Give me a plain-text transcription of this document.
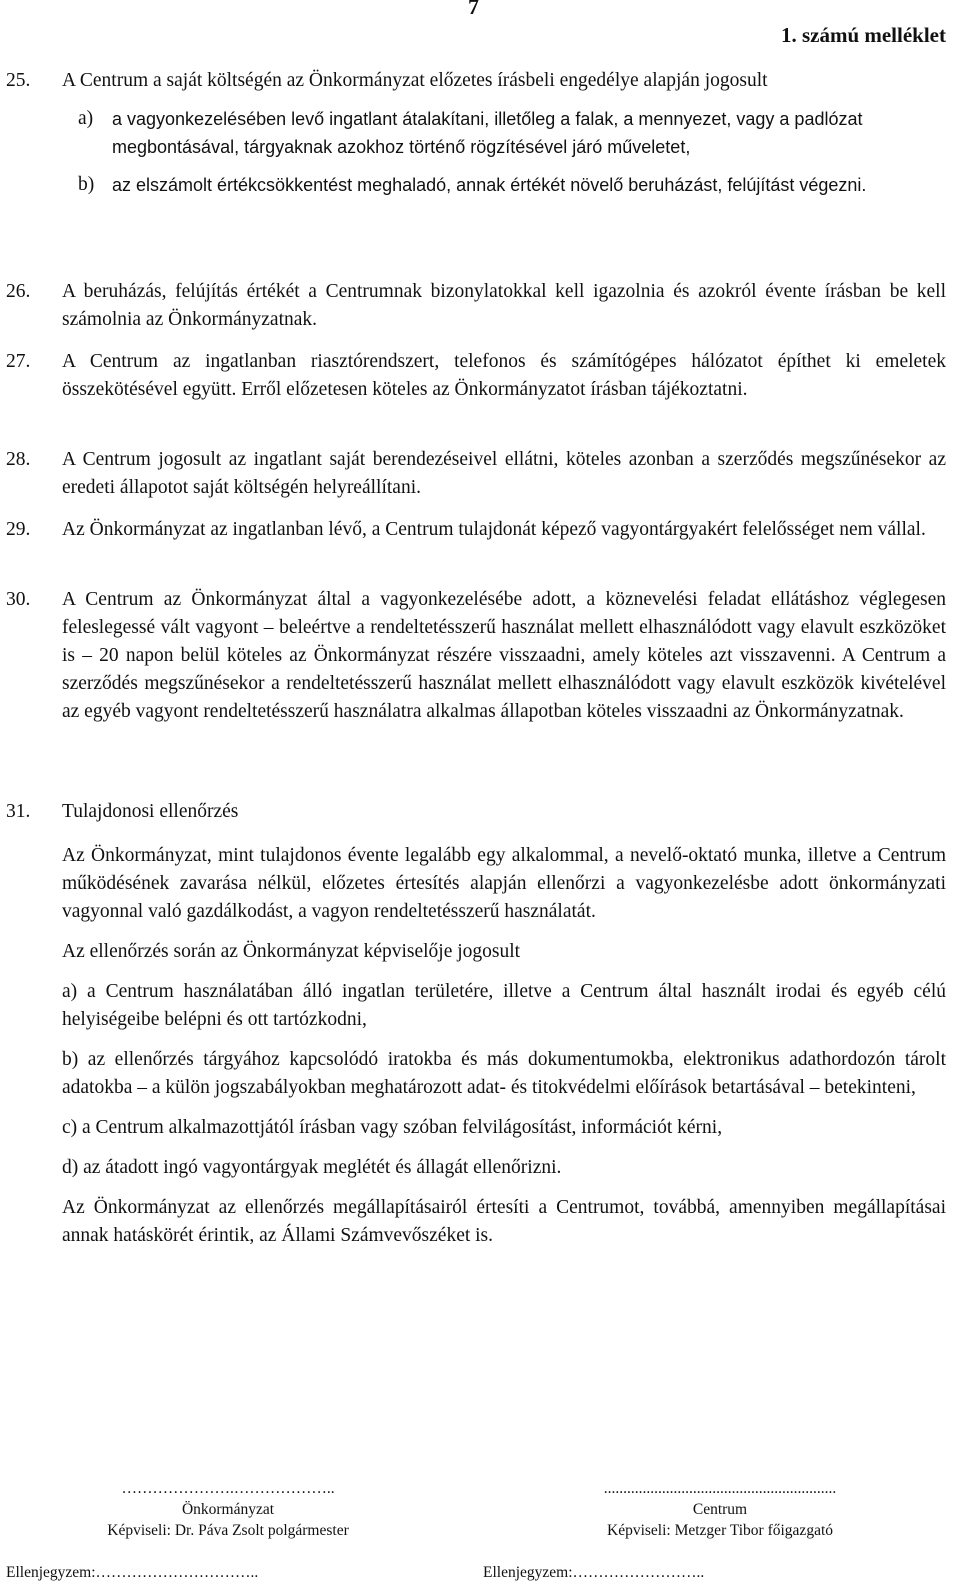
7
1. számú melléklet
25. A Centrum a saját költségén az Önkormányzat előzetes írásbeli engedélye alapján jogosult
a)	a vagyonkezelésében levő ingatlant átalakítani, illetőleg a falak, a mennyezet, vagy a padlózat megbontásával, tárgyaknak azokhoz történő rögzítésével járó műveletet,
b) az elszámolt értékcsökkentést meghaladó, annak értékét növelő beruházást, felújítást végezni.
26. A beruházás, felújítás értékét a Centrumnak bizonylatokkal kell igazolnia és azokról évente írásban be kell számolnia az Önkormányzatnak.
27. A Centrum az ingatlanban riasztórendszert, telefonos és számítógépes hálózatot építhet ki emeletek összekötésével együtt. Erről előzetesen köteles az Önkormányzatot írásban tájékoztatni.
28. A Centrum jogosult az ingatlant saját berendezéseivel ellátni, köteles azonban a szerződés megszűnésekor az eredeti állapotot saját költségén helyreállítani.
29. Az Önkormányzat az ingatlanban lévő, a Centrum tulajdonát képező vagyontárgyakért felelősséget nem vállal.
30. A Centrum az Önkormányzat által a vagyonkezelésébe adott, a köznevelési feladat ellátáshoz véglegesen feleslegessé vált vagyont – beleértve a rendeltetésszerű használat mellett elhasználódott vagy elavult eszközöket is – 20 napon belül köteles az Önkormányzat részére visszaadni, amely köteles azt visszavenni. A Centrum a szerződés megszűnésekor a rendeltetésszerű használat mellett elhasználódott vagy elavult eszközök kivételével az egyéb vagyont rendeltetésszerű használatra alkalmas állapotban köteles visszaadni az Önkormányzatnak.
31. Tulajdonosi ellenőrzés
Az Önkormányzat, mint tulajdonos évente legalább egy alkalommal, a nevelő-oktató munka, illetve a Centrum működésének zavarása nélkül, előzetes értesítés alapján ellenőrzi a vagyonkezelésbe adott önkormányzati vagyonnal való gazdálkodást, a vagyon rendeltetésszerű használatát.
Az ellenőrzés során az Önkormányzat képviselője jogosult
a) a Centrum használatában álló ingatlan területére, illetve a Centrum által használt irodai és egyéb célú helyiségeibe belépni és ott tartózkodni,
b) az ellenőrzés tárgyához kapcsolódó iratokba és más dokumentumokba, elektronikus adathordozón tárolt adatokba – a külön jogszabályokban meghatározott adat- és titokvédelmi előírások betartásával – betekinteni,
c) a Centrum alkalmazottjától írásban vagy szóban felvilágosítást, információt kérni,
d) az átadott ingó vagyontárgyak meglétét és állagát ellenőrizni.
Az Önkormányzat az ellenőrzés megállapításairól értesíti a Centrumot, továbbá, amennyiben megállapításai annak hatáskörét érintik, az Állami Számvevőszéket is.
………………….………………..
Önkormányzat
Képviseli: Dr. Páva Zsolt polgármester
............................................................
Centrum
Képviseli: Metzger Tibor főigazgató
Ellenjegyzem:…………………………..	Ellenjegyzem:……………………..
